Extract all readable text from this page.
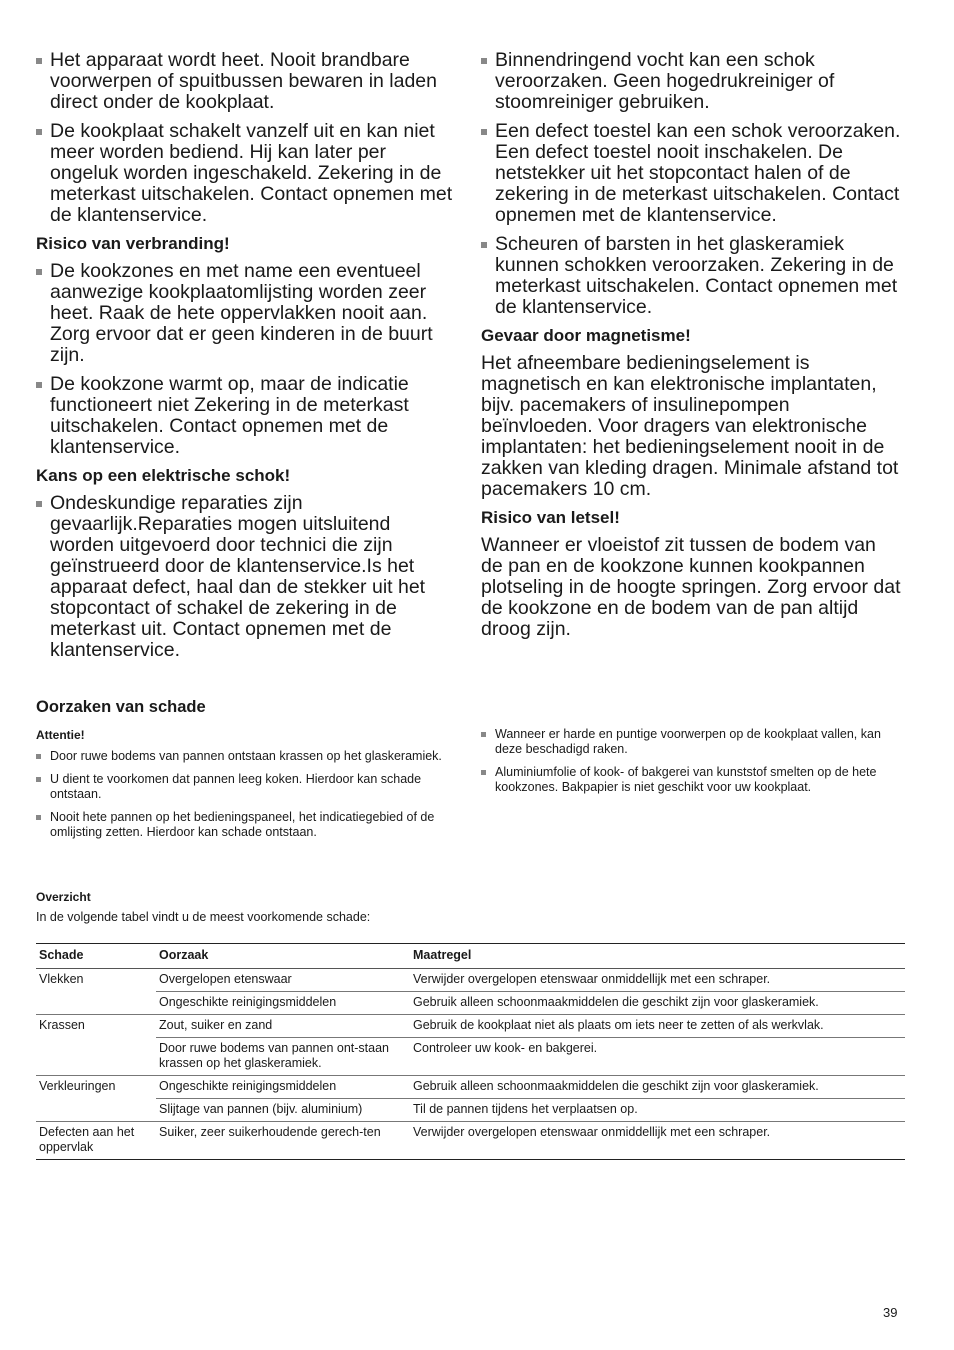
Het apparaat wordt heet. Nooit brandbare voorwerpen of spuitbussen bewaren in laden direct onder de kookplaat.
De kookplaat schakelt vanzelf uit en kan niet meer worden bediend. Hij kan later per ongeluk worden ingeschakeld. Zekering in de meterkast uitschakelen. Contact opnemen met de klantenservice.
Risico van verbranding!
De kookzones en met name een eventueel aanwezige kookplaatomlijsting worden zeer heet. Raak de hete oppervlakken nooit aan. Zorg ervoor dat er geen kinderen in de buurt zijn.
De kookzone warmt op, maar de indicatie functioneert niet Zekering in de meterkast uitschakelen. Contact opnemen met de klantenservice.
Kans op een elektrische schok!
Ondeskundige reparaties zijn gevaarlijk.Reparaties mogen uitsluitend worden uitgevoerd door technici die zijn geïnstrueerd door de klantenservice.Is het apparaat defect, haal dan de stekker uit het stopcontact of schakel de zekering in de meterkast uit. Contact opnemen met de klantenservice.
Binnendringend vocht kan een schok veroorzaken. Geen hogedrukreiniger of stoomreiniger gebruiken.
Een defect toestel kan een schok veroorzaken. Een defect toestel nooit inschakelen. De netstekker uit het stopcontact halen of de zekering in de meterkast uitschakelen. Contact opnemen met de klantenservice.
Scheuren of barsten in het glaskeramiek kunnen schokken veroorzaken. Zekering in de meterkast uitschakelen. Contact opnemen met de klantenservice.
Gevaar door magnetisme!

Het afneembare bedieningselement is magnetisch en kan elektronische implantaten, bijv. pacemakers of insulinepompen beïnvloeden. Voor dragers van elektronische implantaten: het bedieningselement nooit in de zakken van kleding dragen. Minimale afstand tot pacemakers 10 cm.

Risico van letsel!

Wanneer er vloeistof zit tussen de bodem van de pan en de kookzone kunnen kookpannen plotseling in de hoogte springen. Zorg ervoor dat de kookzone en de bodem van de pan altijd droog zijn.

Oorzaken van schade
Attentie!
Door ruwe bodems van pannen ontstaan krassen op het glaskeramiek.
U dient te voorkomen dat pannen leeg koken. Hierdoor kan schade ontstaan.
Nooit hete pannen op het bedieningspaneel, het indicatiegebied of de omlijsting zetten. Hierdoor kan schade ontstaan.
Wanneer er harde en puntige voorwerpen op de kookplaat vallen, kan deze beschadigd raken.
Aluminiumfolie of kook- of bakgerei van kunststof smelten op de hete kookzones. Bakpapier is niet geschikt voor uw kookplaat.
Overzicht
In de volgende tabel vindt u de meest voorkomende schade:
Schade	Oorzaak	Maatregel
Vlekken	Overgelopen etenswaar	Verwijder overgelopen etenswaar onmiddellijk met een schraper.
	Ongeschikte reinigingsmiddelen	Gebruik alleen schoonmaakmiddelen die geschikt zijn voor glaskeramiek.
Krassen	Zout, suiker en zand	Gebruik de kookplaat niet als plaats om iets neer te zetten of als werkvlak.
	Door ruwe bodems van pannen ont-staan krassen op het glaskeramiek.	Controleer uw kook- en bakgerei.
Verkleuringen	Ongeschikte reinigingsmiddelen	Gebruik alleen schoonmaakmiddelen die geschikt zijn voor glaskeramiek.
	Slijtage van pannen (bijv. aluminium)	Til de pannen tijdens het verplaatsen op.
Defecten aan het oppervlak	Suiker, zeer suikerhoudende gerech-ten	Verwijder overgelopen etenswaar onmiddellijk met een schraper.
39
